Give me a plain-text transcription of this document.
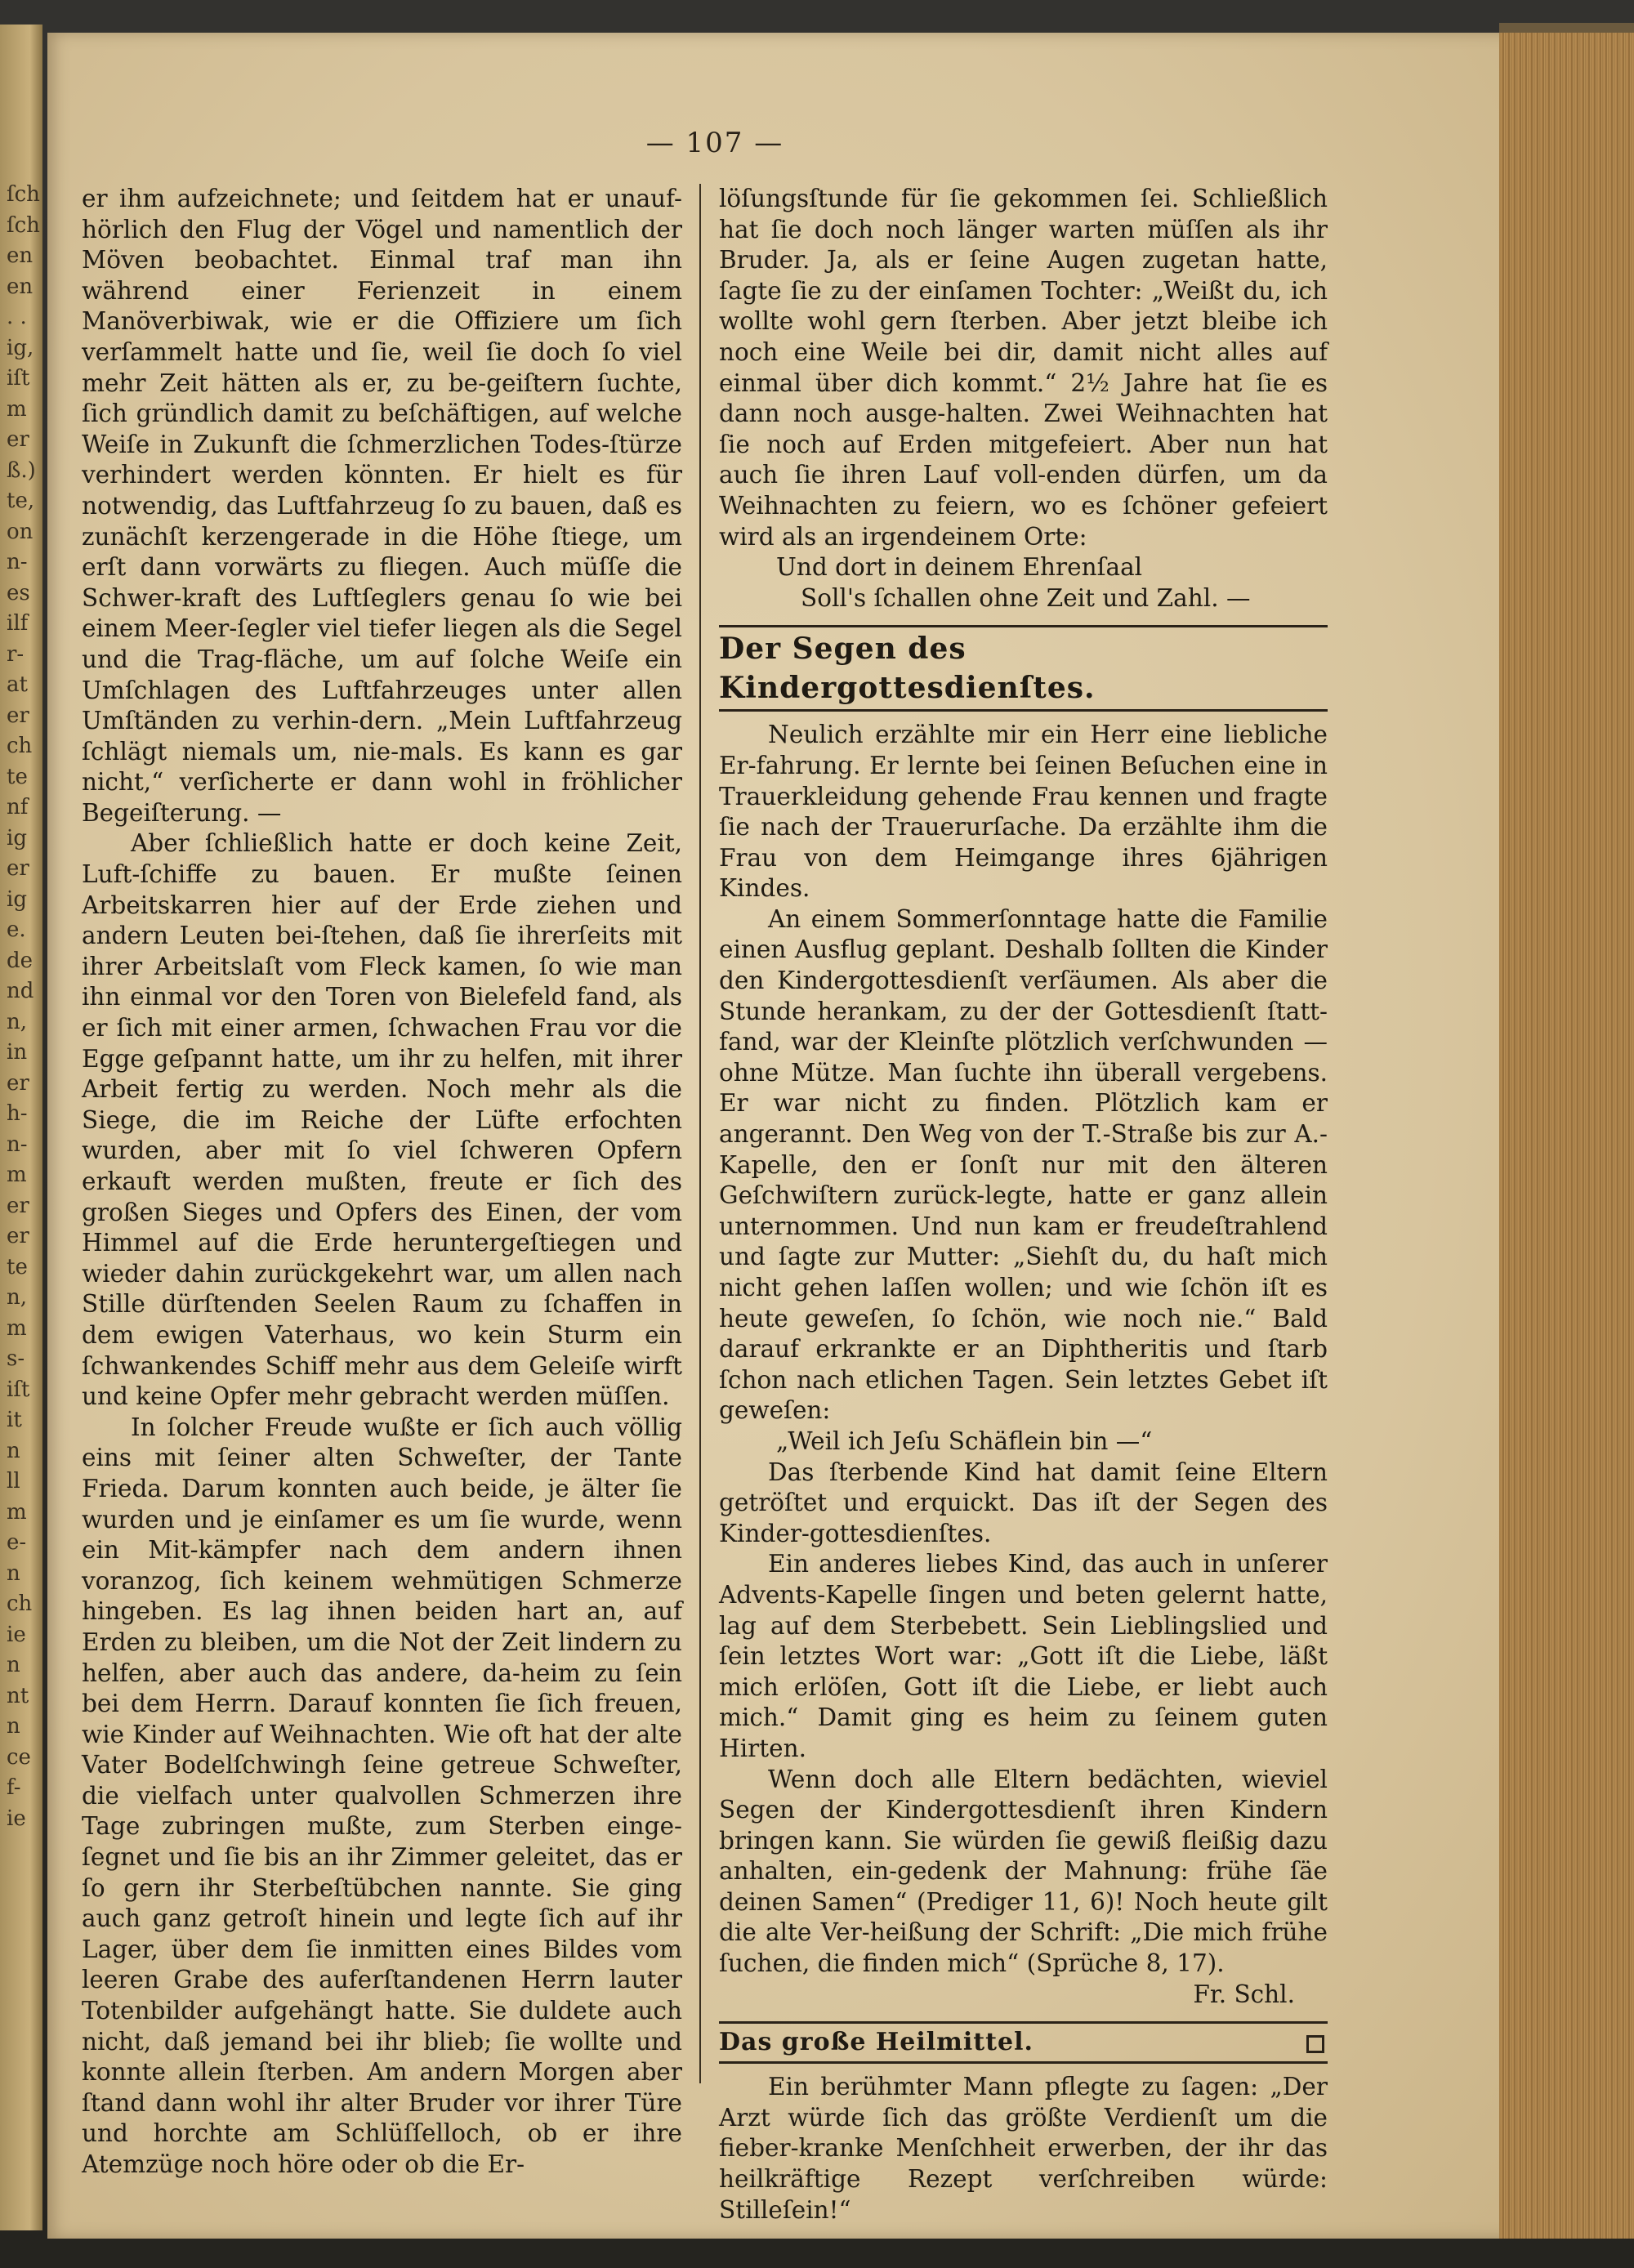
ſch ſch en en . . ig, iſt m er ß.) te, on n- es ilf r- at er ch te nf ig er ig e. de nd n, in er h- n- m er er te n, m s- iſt it n ll m e- n ch ie n nt n ce f- ie
— 107 —

er ihm aufzeichnete; und ſeitdem hat er unauf-hörlich den Flug der Vögel und namentlich der Möven beobachtet. Einmal traf man ihn während einer Ferienzeit in einem Manöverbiwak, wie er die Offiziere um ſich verſammelt hatte und ſie, weil ſie doch ſo viel mehr Zeit hätten als er, zu be-geiſtern ſuchte, ſich gründlich damit zu beſchäftigen, auf welche Weiſe in Zukunft die ſchmerzlichen Todes-ſtürze verhindert werden könnten. Er hielt es für notwendig, das Luftfahrzeug ſo zu bauen, daß es zunächſt kerzengerade in die Höhe ſtiege, um erſt dann vorwärts zu fliegen. Auch müſſe die Schwer-kraft des Luftſeglers genau ſo wie bei einem Meer-ſegler viel tiefer liegen als die Segel und die Trag-fläche, um auf ſolche Weiſe ein Umſchlagen des Luftfahrzeuges unter allen Umſtänden zu verhin-dern. „Mein Luftfahrzeug ſchlägt niemals um, nie-mals. Es kann es gar nicht,“ verſicherte er dann wohl in fröhlicher Begeiſterung. —

Aber ſchließlich hatte er doch keine Zeit, Luft-ſchiffe zu bauen. Er mußte ſeinen Arbeitskarren hier auf der Erde ziehen und andern Leuten bei-ſtehen, daß ſie ihrerſeits mit ihrer Arbeitslaſt vom Fleck kamen, ſo wie man ihn einmal vor den Toren von Bielefeld fand, als er ſich mit einer armen, ſchwachen Frau vor die Egge geſpannt hatte, um ihr zu helfen, mit ihrer Arbeit fertig zu werden. Noch mehr als die Siege, die im Reiche der Lüfte erfochten wurden, aber mit ſo viel ſchweren Opfern erkauft werden mußten, freute er ſich des großen Sieges und Opfers des Einen, der vom Himmel auf die Erde heruntergeſtiegen und wieder dahin zurückgekehrt war, um allen nach Stille dürſtenden Seelen Raum zu ſchaffen in dem ewigen Vaterhaus, wo kein Sturm ein ſchwankendes Schiff mehr aus dem Geleiſe wirft und keine Opfer mehr gebracht werden müſſen.

In ſolcher Freude wußte er ſich auch völlig eins mit ſeiner alten Schweſter, der Tante Frieda. Darum konnten auch beide, je älter ſie wurden und je einſamer es um ſie wurde, wenn ein Mit-kämpfer nach dem andern ihnen voranzog, ſich keinem wehmütigen Schmerze hingeben. Es lag ihnen beiden hart an, auf Erden zu bleiben, um die Not der Zeit lindern zu helfen, aber auch das andere, da-heim zu ſein bei dem Herrn. Darauf konnten ſie ſich freuen, wie Kinder auf Weihnachten. Wie oft hat der alte Vater Bodelſchwingh ſeine getreue Schweſter, die vielfach unter qualvollen Schmerzen ihre Tage zubringen mußte, zum Sterben einge-ſegnet und ſie bis an ihr Zimmer geleitet, das er ſo gern ihr Sterbeſtübchen nannte. Sie ging auch ganz getroſt hinein und legte ſich auf ihr Lager, über dem ſie inmitten eines Bildes vom leeren Grabe des auferſtandenen Herrn lauter Totenbilder aufgehängt hatte. Sie duldete auch nicht, daß jemand bei ihr blieb; ſie wollte und konnte allein ſterben. Am andern Morgen aber ſtand dann wohl ihr alter Bruder vor ihrer Türe und horchte am Schlüſſelloch, ob er ihre Atemzüge noch höre oder ob die Er-

löſungsſtunde für ſie gekommen ſei. Schließlich hat ſie doch noch länger warten müſſen als ihr Bruder. Ja, als er ſeine Augen zugetan hatte, ſagte ſie zu der einſamen Tochter: „Weißt du, ich wollte wohl gern ſterben. Aber jetzt bleibe ich noch eine Weile bei dir, damit nicht alles auf einmal über dich kommt.“ 2½ Jahre hat ſie es dann noch ausge-halten. Zwei Weihnachten hat ſie noch auf Erden mitgefeiert. Aber nun hat auch ſie ihren Lauf voll-enden dürfen, um da Weihnachten zu feiern, wo es ſchöner gefeiert wird als an irgendeinem Orte:

Und dort in deinem Ehrenſaal

Soll's ſchallen ohne Zeit und Zahl. —

Der Segen des Kindergottesdienſtes.

Neulich erzählte mir ein Herr eine liebliche Er-fahrung. Er lernte bei ſeinen Beſuchen eine in Trauerkleidung gehende Frau kennen und fragte ſie nach der Trauerurſache. Da erzählte ihm die Frau von dem Heimgange ihres 6jährigen Kindes.

An einem Sommerſonntage hatte die Familie einen Ausflug geplant. Deshalb ſollten die Kinder den Kindergottesdienſt verſäumen. Als aber die Stunde herankam, zu der der Gottesdienſt ſtatt-fand, war der Kleinſte plötzlich verſchwunden — ohne Mütze. Man ſuchte ihn überall vergebens. Er war nicht zu finden. Plötzlich kam er angerannt. Den Weg von der T.-Straße bis zur A.-Kapelle, den er ſonſt nur mit den älteren Geſchwiſtern zurück-legte, hatte er ganz allein unternommen. Und nun kam er freudeſtrahlend und ſagte zur Mutter: „Siehſt du, du haſt mich nicht gehen laſſen wollen; und wie ſchön iſt es heute geweſen, ſo ſchön, wie noch nie.“ Bald darauf erkrankte er an Diphtheritis und ſtarb ſchon nach etlichen Tagen. Sein letztes Gebet iſt geweſen:

„Weil ich Jeſu Schäflein bin —“

Das ſterbende Kind hat damit ſeine Eltern getröſtet und erquickt. Das iſt der Segen des Kinder-gottesdienſtes.

Ein anderes liebes Kind, das auch in unſerer Advents-Kapelle ſingen und beten gelernt hatte, lag auf dem Sterbebett. Sein Lieblingslied und ſein letztes Wort war: „Gott iſt die Liebe, läßt mich erlöſen, Gott iſt die Liebe, er liebt auch mich.“ Damit ging es heim zu ſeinem guten Hirten.

Wenn doch alle Eltern bedächten, wieviel Segen der Kindergottesdienſt ihren Kindern bringen kann. Sie würden ſie gewiß fleißig dazu anhalten, ein-gedenk der Mahnung: frühe ſäe deinen Samen“ (Prediger 11, 6)! Noch heute gilt die alte Ver-heißung der Schrift: „Die mich frühe ſuchen, die finden mich“ (Sprüche 8, 17).

Fr. Schl.
Das große Heilmittel.

Ein berühmter Mann pflegte zu ſagen: „Der Arzt würde ſich das größte Verdienſt um die fieber-kranke Menſchheit erwerben, der ihr das heilkräftige Rezept verſchreiben würde: Stilleſein!“
